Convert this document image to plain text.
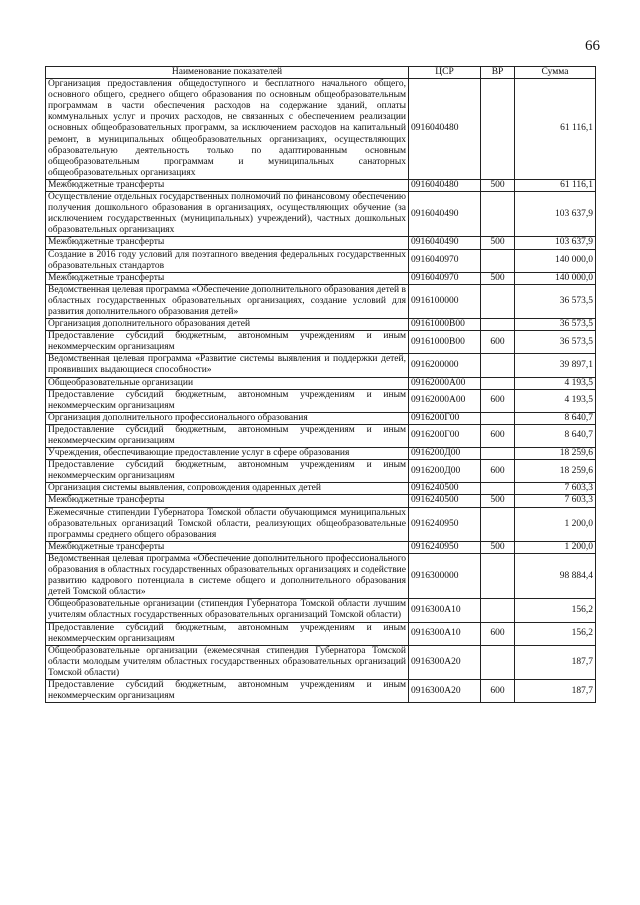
66
Наименование показателей	ЦСР	ВР	Сумма
Организация предоставления общедоступного и бесплатного начального общего, основного общего, среднего общего образования по основным общеобразовательным программам в части обеспечения расходов на содержание зданий, оплаты коммунальных услуг и прочих расходов, не связанных с обеспечением реализации основных общеобразовательных программ, за исключением расходов на капитальный ремонт, в муниципальных общеобразовательных организациях, осуществляющих образовательную деятельность только по адаптированным основным общеобразовательным программам и муниципальных санаторных общеобразовательных организациях	0916040480		61 116,1
Межбюджетные трансферты	0916040480	500	61 116,1
Осуществление отдельных государственных полномочий по финансовому обеспечению получения дошкольного образования в организациях, осуществляющих обучение (за исключением государственных (муниципальных) учреждений), частных дошкольных образовательных организациях	0916040490		103 637,9
Межбюджетные трансферты	0916040490	500	103 637,9
Создание в 2016 году условий для поэтапного введения федеральных государственных образовательных стандартов	0916040970		140 000,0
Межбюджетные трансферты	0916040970	500	140 000,0
Ведомственная целевая программа «Обеспечение дополнительного образования детей в областных государственных образовательных организациях, создание условий для развития дополнительного образования детей»	0916100000		36 573,5
Организация дополнительного образования детей	09161000В00		36 573,5
Предоставление субсидий бюджетным, автономным учреждениям и иным некоммерческим организациям	09161000В00	600	36 573,5
Ведомственная целевая программа «Развитие системы выявления и поддержки детей, проявивших выдающиеся способности»	0916200000		39 897,1
Общеобразовательные организации	09162000А00		4 193,5
Предоставление субсидий бюджетным, автономным учреждениям и иным некоммерческим организациям	09162000А00	600	4 193,5
Организация дополнительного профессионального образования	0916200Г00		8 640,7
Предоставление субсидий бюджетным, автономным учреждениям и иным некоммерческим организациям	0916200Г00	600	8 640,7
Учреждения, обеспечивающие предоставление услуг в сфере образования	0916200Д00		18 259,6
Предоставление субсидий бюджетным, автономным учреждениям и иным некоммерческим организациям	0916200Д00	600	18 259,6
Организация системы выявления, сопровождения одаренных детей	0916240500		7 603,3
Межбюджетные трансферты	0916240500	500	7 603,3
Ежемесячные стипендии Губернатора Томской области обучающимся муниципальных образовательных организаций Томской области, реализующих общеобразовательные программы среднего общего образования	0916240950		1 200,0
Межбюджетные трансферты	0916240950	500	1 200,0
Ведомственная целевая программа «Обеспечение дополнительного профессионального образования в областных государственных образовательных организациях и содействие развитию кадрового потенциала в системе общего и дополнительного образования детей Томской области»	0916300000		98 884,4
Общеобразовательные организации (стипендия Губернатора Томской области лучшим учителям областных государственных образовательных организаций Томской области)	0916300А10		156,2
Предоставление субсидий бюджетным, автономным учреждениям и иным некоммерческим организациям	0916300А10	600	156,2
Общеобразовательные организации (ежемесячная стипендия Губернатора Томской области молодым учителям областных государственных образовательных организаций Томской области)	0916300А20		187,7
Предоставление субсидий бюджетным, автономным учреждениям и иным некоммерческим организациям	0916300А20	600	187,7
